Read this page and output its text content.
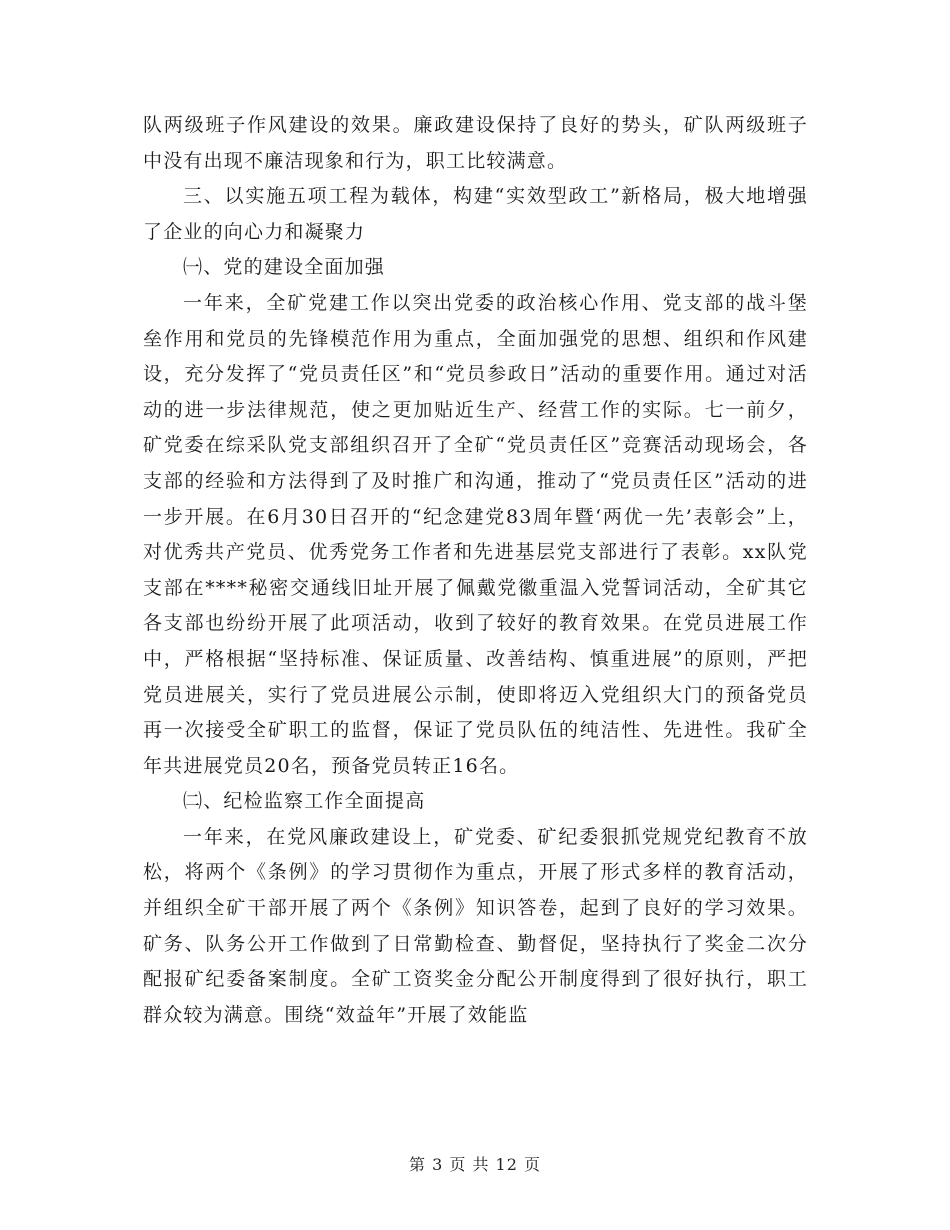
队两级班子作风建设的效果。廉政建设保持了良好的势头，矿队两级班子中没有出现不廉洁现象和行为，职工比较满意。

三、以实施五项工程为载体，构建“实效型政工”新格局，极大地增强了企业的向心力和凝聚力

㈠、党的建设全面加强

一年来，全矿党建工作以突出党委的政治核心作用、党支部的战斗堡垒作用和党员的先锋模范作用为重点，全面加强党的思想、组织和作风建设，充分发挥了“党员责任区”和“党员参政日”活动的重要作用。通过对活动的进一步法律规范，使之更加贴近生产、经营工作的实际。七一前夕，矿党委在综采队党支部组织召开了全矿“党员责任区”竞赛活动现场会，各支部的经验和方法得到了及时推广和沟通，推动了“党员责任区”活动的进一步开展。在6月30日召开的“纪念建党83周年暨‘两优一先’表彰会”上，对优秀共产党员、优秀党务工作者和先进基层党支部进行了表彰。xx队党支部在****秘密交通线旧址开展了佩戴党徽重温入党誓词活动，全矿其它各支部也纷纷开展了此项活动，收到了较好的教育效果。在党员进展工作中，严格根据“坚持标准、保证质量、改善结构、慎重进展”的原则，严把党员进展关，实行了党员进展公示制，使即将迈入党组织大门的预备党员再一次接受全矿职工的监督，保证了党员队伍的纯洁性、先进性。我矿全年共进展党员20名，预备党员转正16名。

㈡、纪检监察工作全面提高

一年来，在党风廉政建设上，矿党委、矿纪委狠抓党规党纪教育不放松，将两个《条例》的学习贯彻作为重点，开展了形式多样的教育活动，并组织全矿干部开展了两个《条例》知识答卷，起到了良好的学习效果。矿务、队务公开工作做到了日常勤检查、勤督促，坚持执行了奖金二次分配报矿纪委备案制度。全矿工资奖金分配公开制度得到了很好执行，职工群众较为满意。围绕“效益年”开展了效能监

第 3 页 共 12 页
